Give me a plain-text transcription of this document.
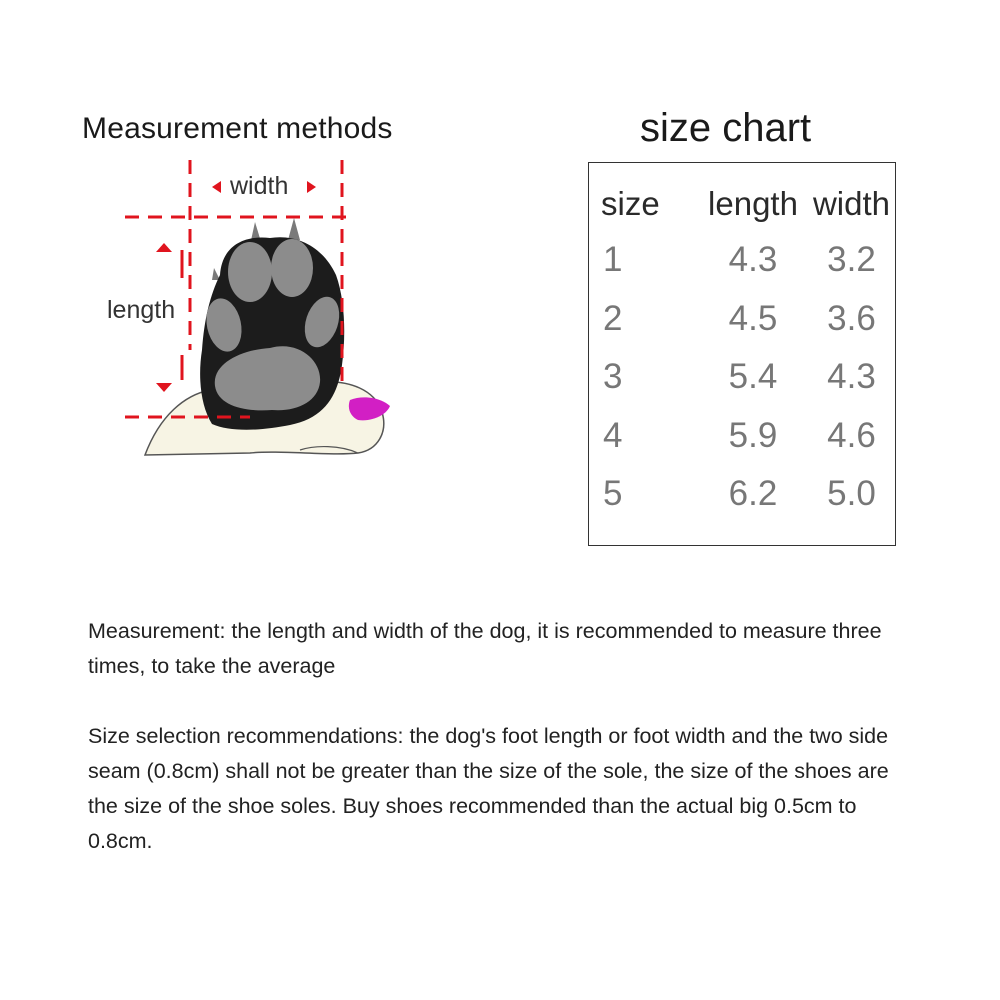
Measurement methods	size chart
width
length
size	length	width
1	4.3	3.2
2	4.5	3.6
3	5.4	4.3
4	5.9	4.6
5	6.2	5.0
Measurement: the length and width of the dog, it is recommended to measure three times, to take the average
Size selection recommendations: the dog's foot length or foot width and the two side seam (0.8cm) shall not be greater than the size of the sole, the size of the shoes are the size of the shoe soles. Buy shoes recommended than the actual big 0.5cm to 0.8cm.
